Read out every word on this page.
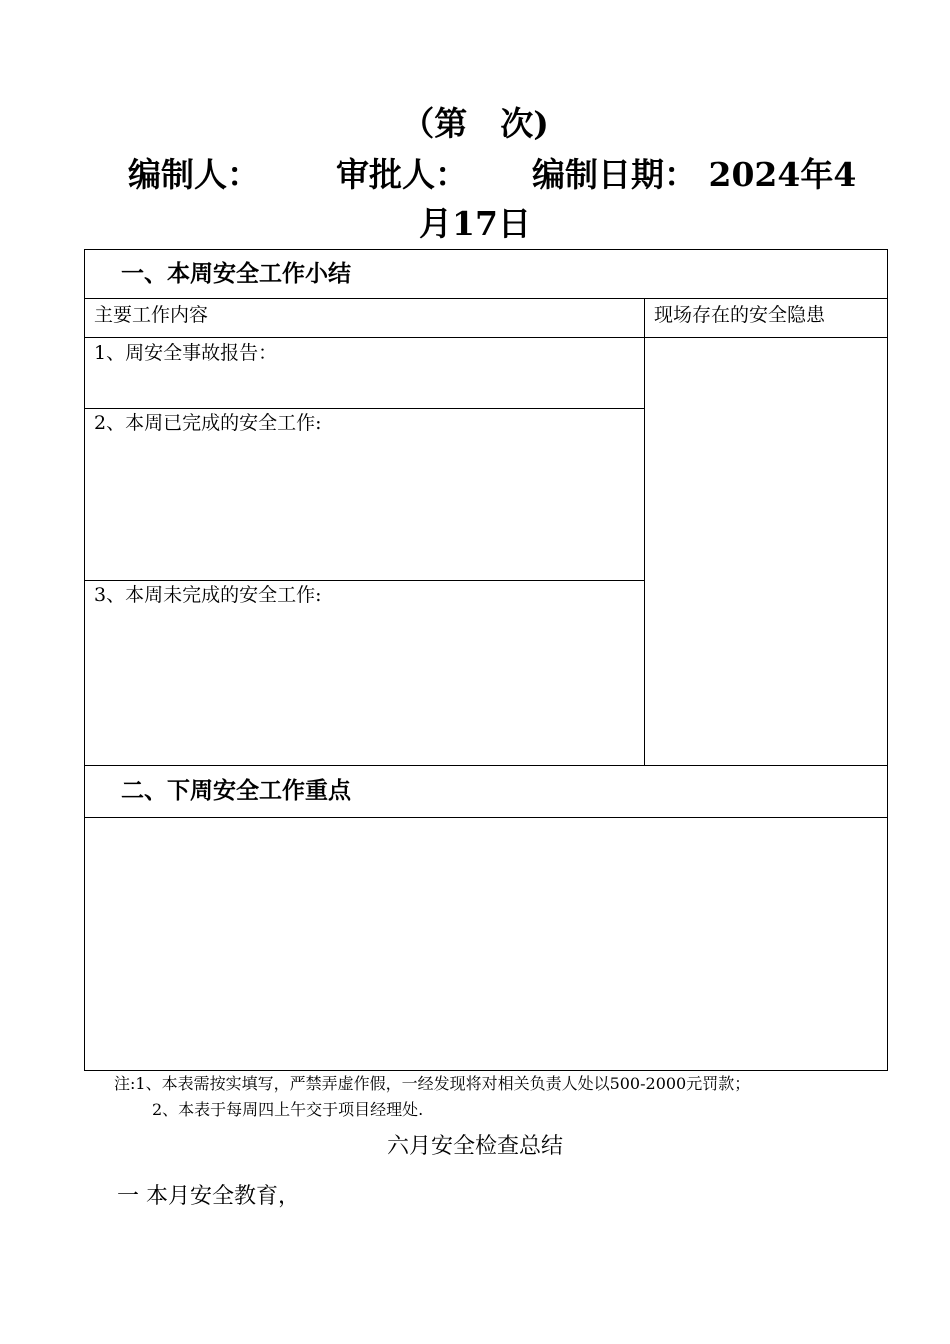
（第　次)
编制人： 审批人： 编制日期： 2024年4
月17日
一、本周安全工作小结
主要工作内容	现场存在的安全隐患
1、周安全事故报告：
2、本周已完成的安全工作:
3、本周未完成的安全工作:
二、下周安全工作重点
注:1、本表需按实填写，严禁弄虚作假，一经发现将对相关负责人处以500-2000元罚款；
2、本表于每周四上午交于项目经理处.
六月安全检查总结
一 本月安全教育，
